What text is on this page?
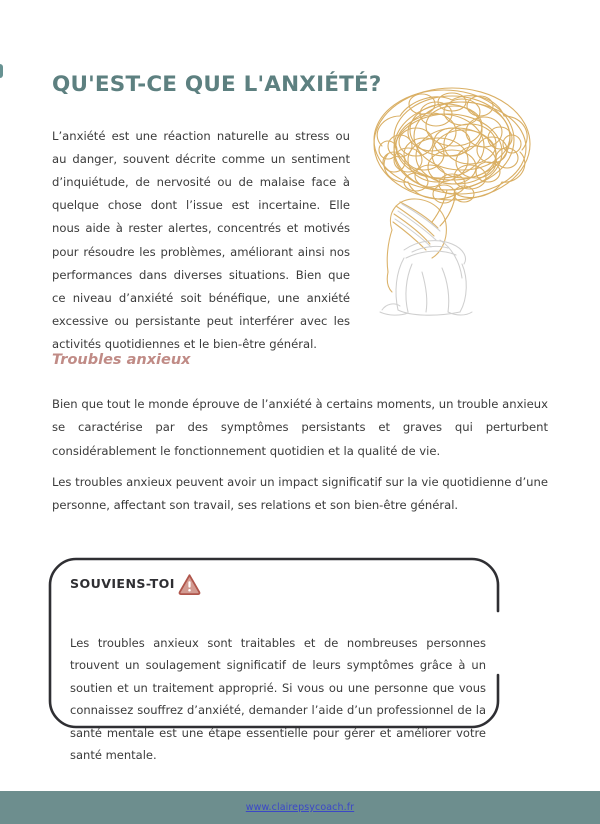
QU'EST-CE QUE L'ANXIÉTÉ?

L’anxiété est une réaction naturelle au stress ou au danger, souvent décrite comme un sentiment d’inquiétude, de nervosité ou de malaise face à quelque chose dont l’issue est incertaine. Elle nous aide à rester alertes, concentrés et motivés pour résoudre les problèmes, améliorant ainsi nos performances dans diverses situations. Bien que ce niveau d’anxiété soit bénéfique, une anxiété excessive ou persistante peut interférer avec les activités quotidiennes et le bien-être général.

Troubles anxieux

Bien que tout le monde éprouve de l’anxiété à certains moments, un trouble anxieux se caractérise par des symptômes persistants et graves qui perturbent considérablement le fonctionnement quotidien et la qualité de vie.

Les troubles anxieux peuvent avoir un impact significatif sur la vie quotidienne d’une personne, affectant son travail, ses relations et son bien-être général.

SOUVIENS-TOI

Les troubles anxieux sont traitables et de nombreuses personnes trouvent un soulagement significatif de leurs symptômes grâce à un soutien et un traitement approprié. Si vous ou une personne que vous connaissez souffrez d’anxiété, demander l’aide d’un professionnel de la santé mentale est une étape essentielle pour gérer et améliorer votre santé mentale.

www.clairepsycoach.fr
